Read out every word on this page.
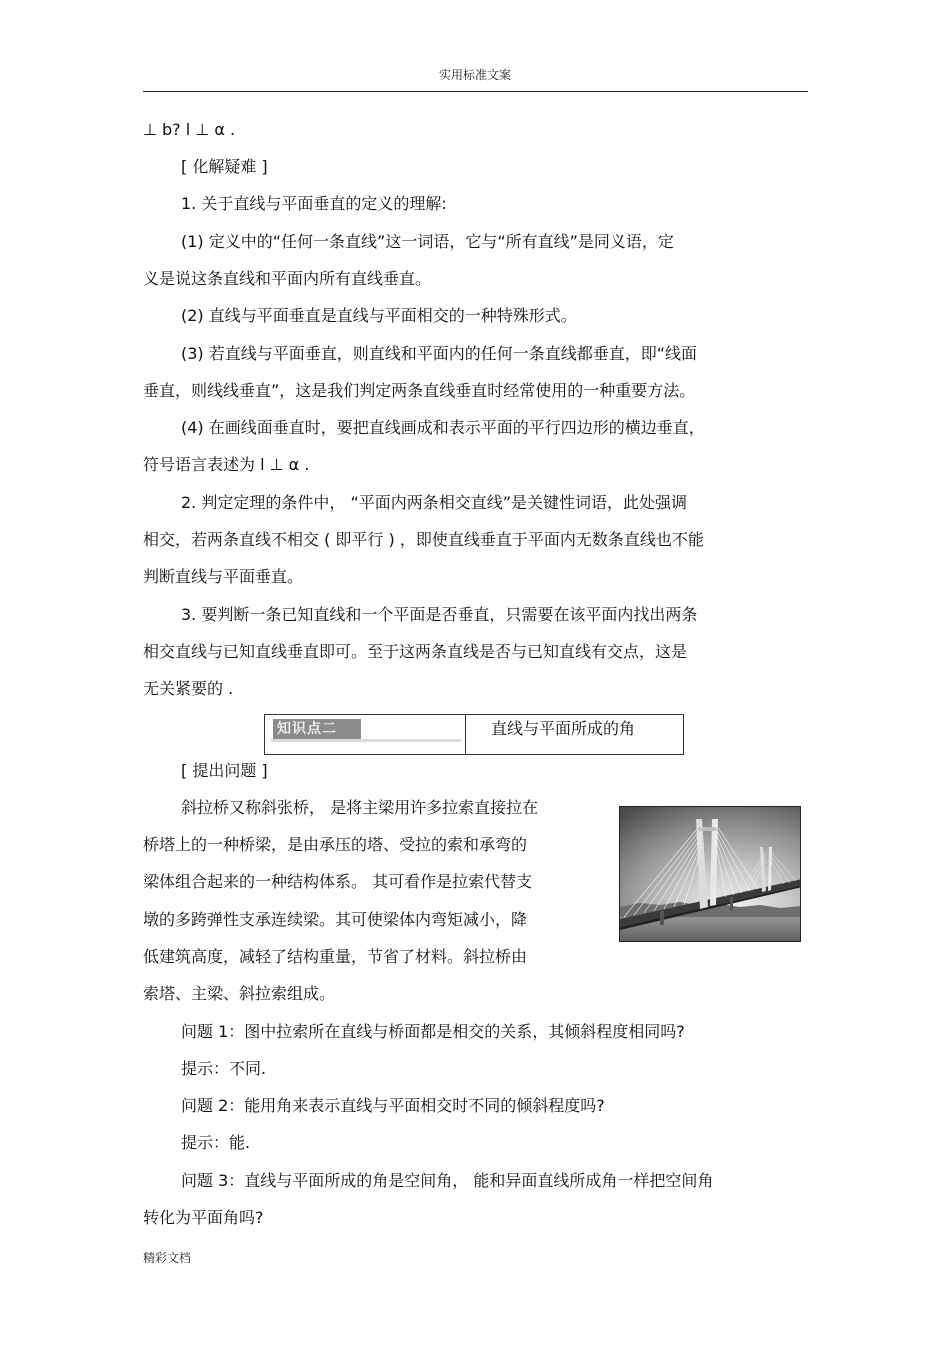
实用标准文案
⊥ b? l ⊥ α .
[ 化解疑难 ]
1. 关于直线与平面垂直的定义的理解:
(1) 定义中的“任何一条直线”这一词语，它与“所有直线”是同义语，定
义是说这条直线和平面内所有直线垂直。
(2) 直线与平面垂直是直线与平面相交的一种特殊形式。
(3) 若直线与平面垂直，则直线和平面内的任何一条直线都垂直，即“线面
垂直，则线线垂直”，这是我们判定两条直线垂直时经常使用的一种重要方法。
(4) 在画线面垂直时，要把直线画成和表示平面的平行四边形的横边垂直，
符号语言表述为 l ⊥ α .
2. 判定定理的条件中， “平面内两条相交直线”是关键性词语，此处强调
相交，若两条直线不相交 ( 即平行 ) ，即使直线垂直于平面内无数条直线也不能
判断直线与平面垂直。
3. 要判断一条已知直线和一个平面是否垂直，只需要在该平面内找出两条
相交直线与已知直线垂直即可。至于这两条直线是否与已知直线有交点，这是
无关紧要的 .
知识点二	直线与平面所成的角
[ 提出问题 ]
斜拉桥又称斜张桥， 是将主梁用许多拉索直接拉在
桥塔上的一种桥梁，是由承压的塔、受拉的索和承弯的
梁体组合起来的一种结构体系。 其可看作是拉索代替支
墩的多跨弹性支承连续梁。其可使梁体内弯矩减小，降
低建筑高度，减轻了结构重量，节省了材料。斜拉桥由
索塔、主梁、斜拉索组成。
问题 1：图中拉索所在直线与桥面都是相交的关系，其倾斜程度相同吗?
提示：不同.
问题 2：能用角来表示直线与平面相交时不同的倾斜程度吗?
提示：能.
问题 3：直线与平面所成的角是空间角， 能和异面直线所成角一样把空间角
转化为平面角吗?
精彩文档
